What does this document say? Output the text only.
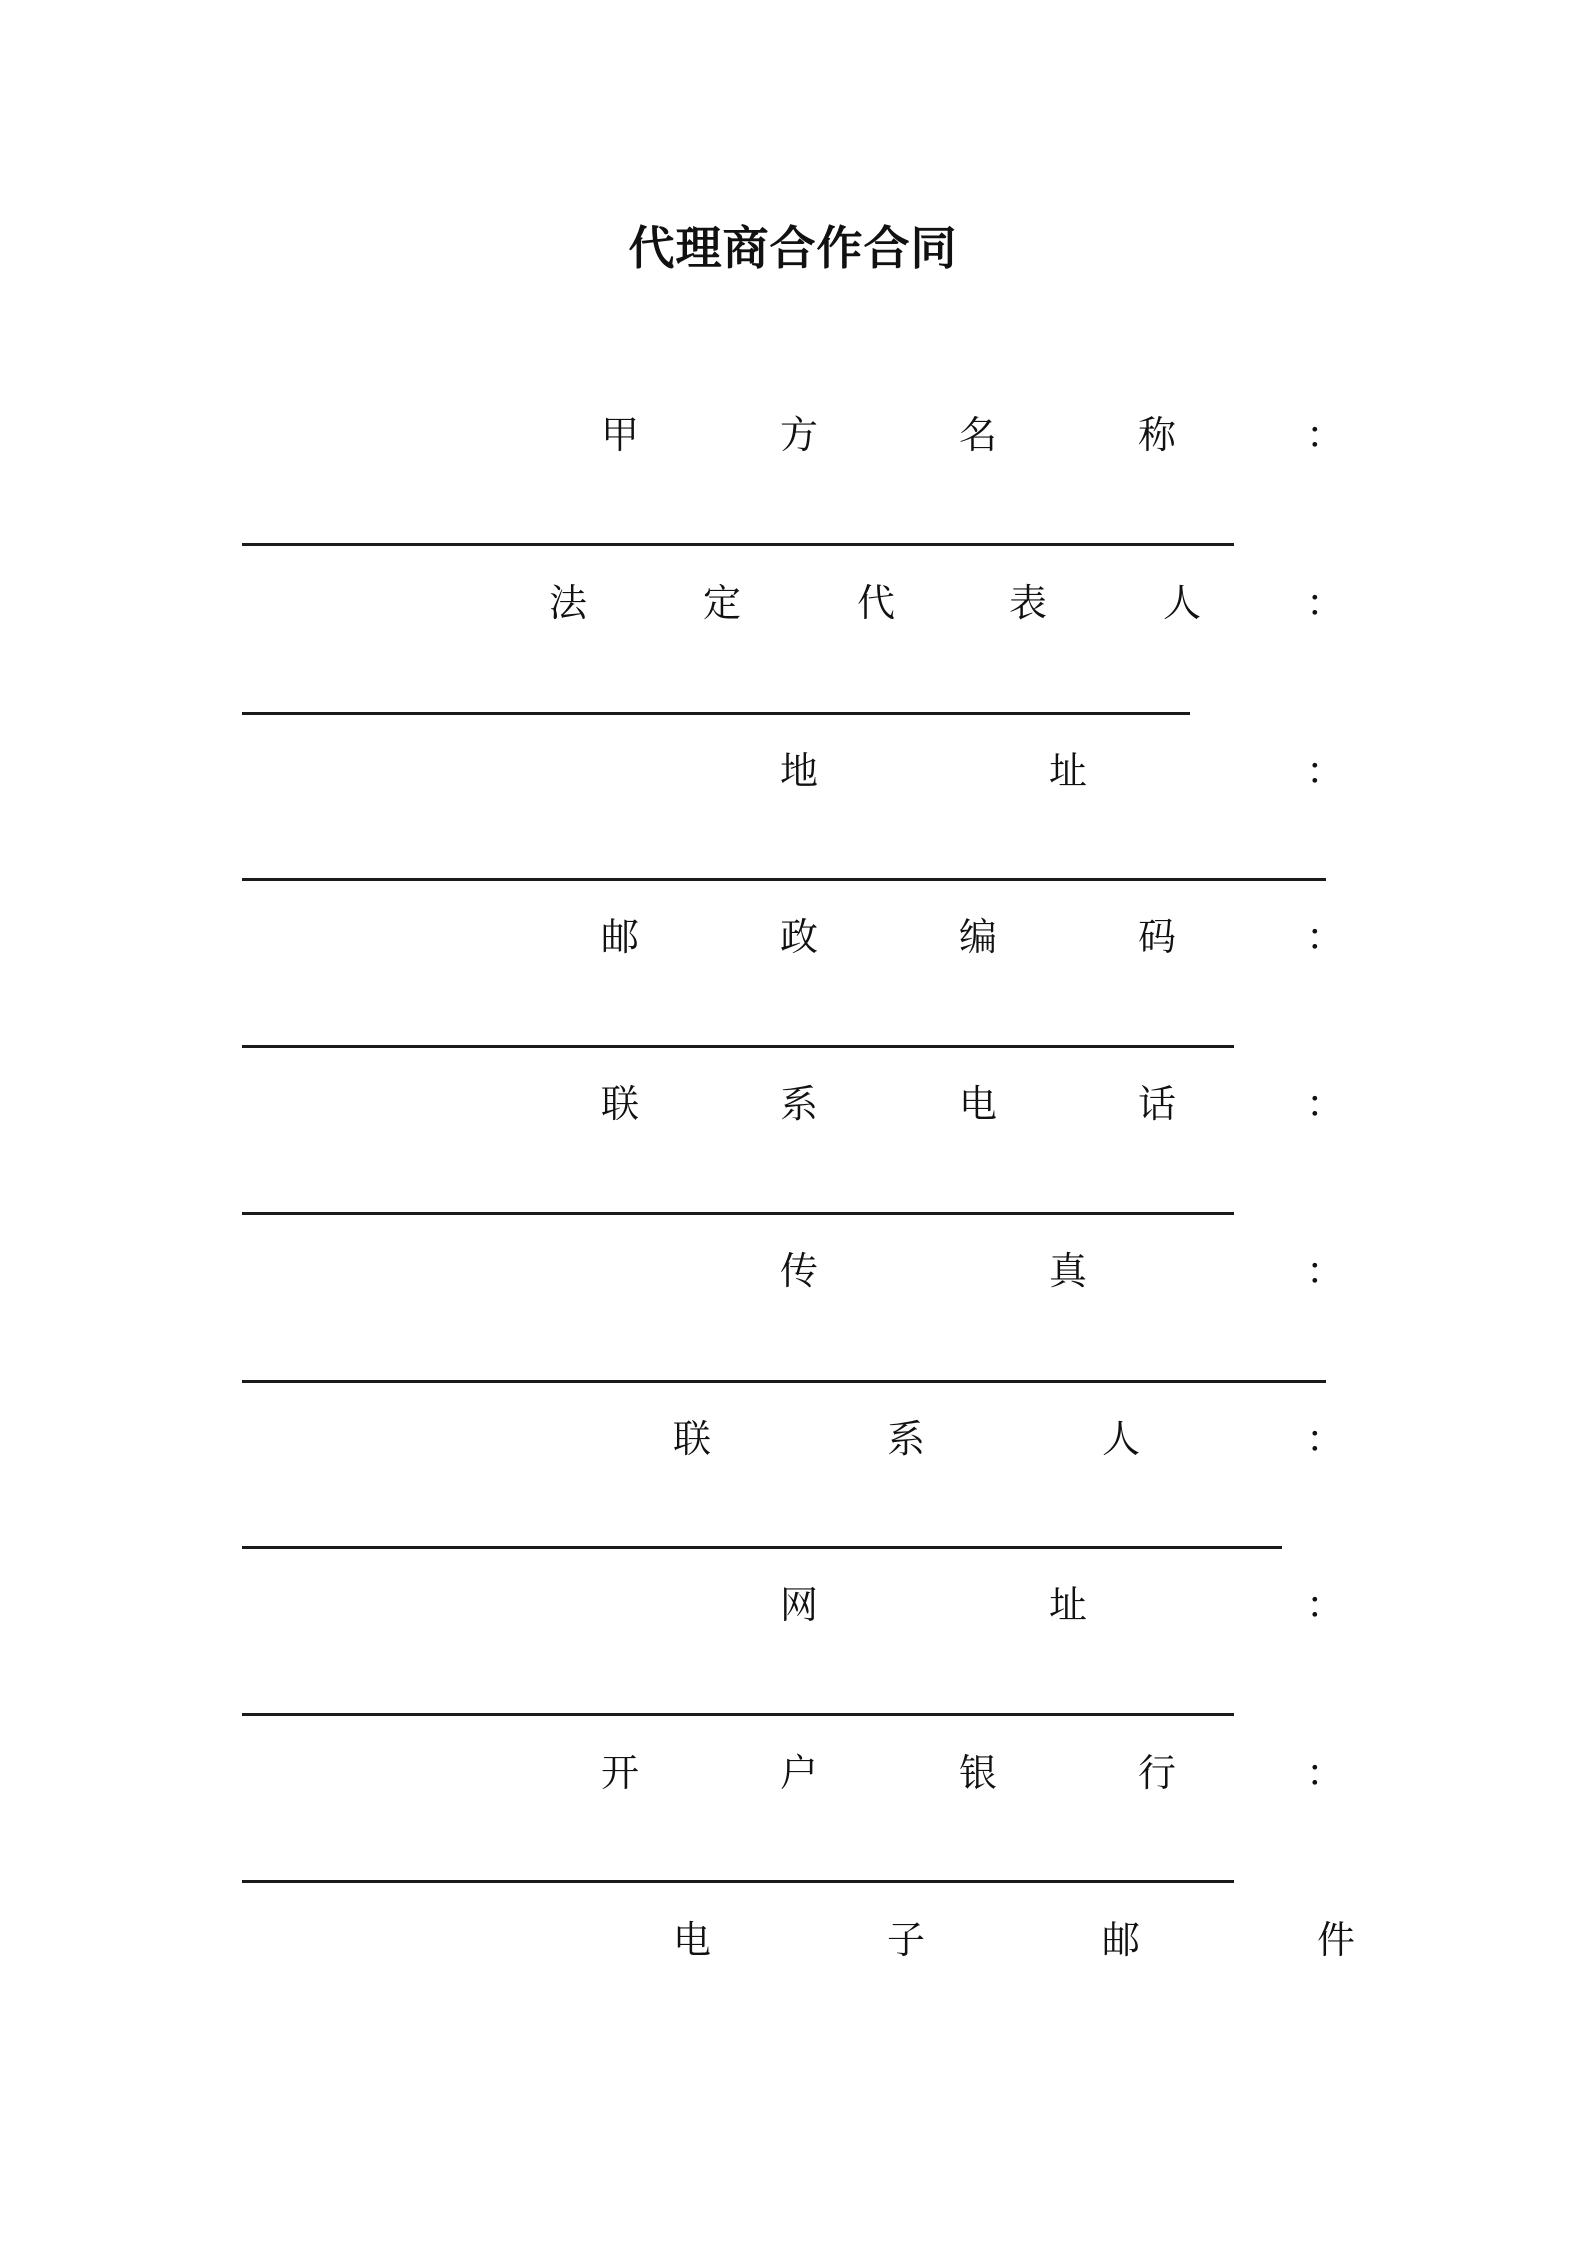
代理商合作合同
甲	方	名	称	：
法	定	代	表	人	：
地	址	：
邮	政	编	码	：
联	系	电	话	：
传	真	：
联	系	人	：
网	址	：
开	户	银	行	：
电	子	邮	件
